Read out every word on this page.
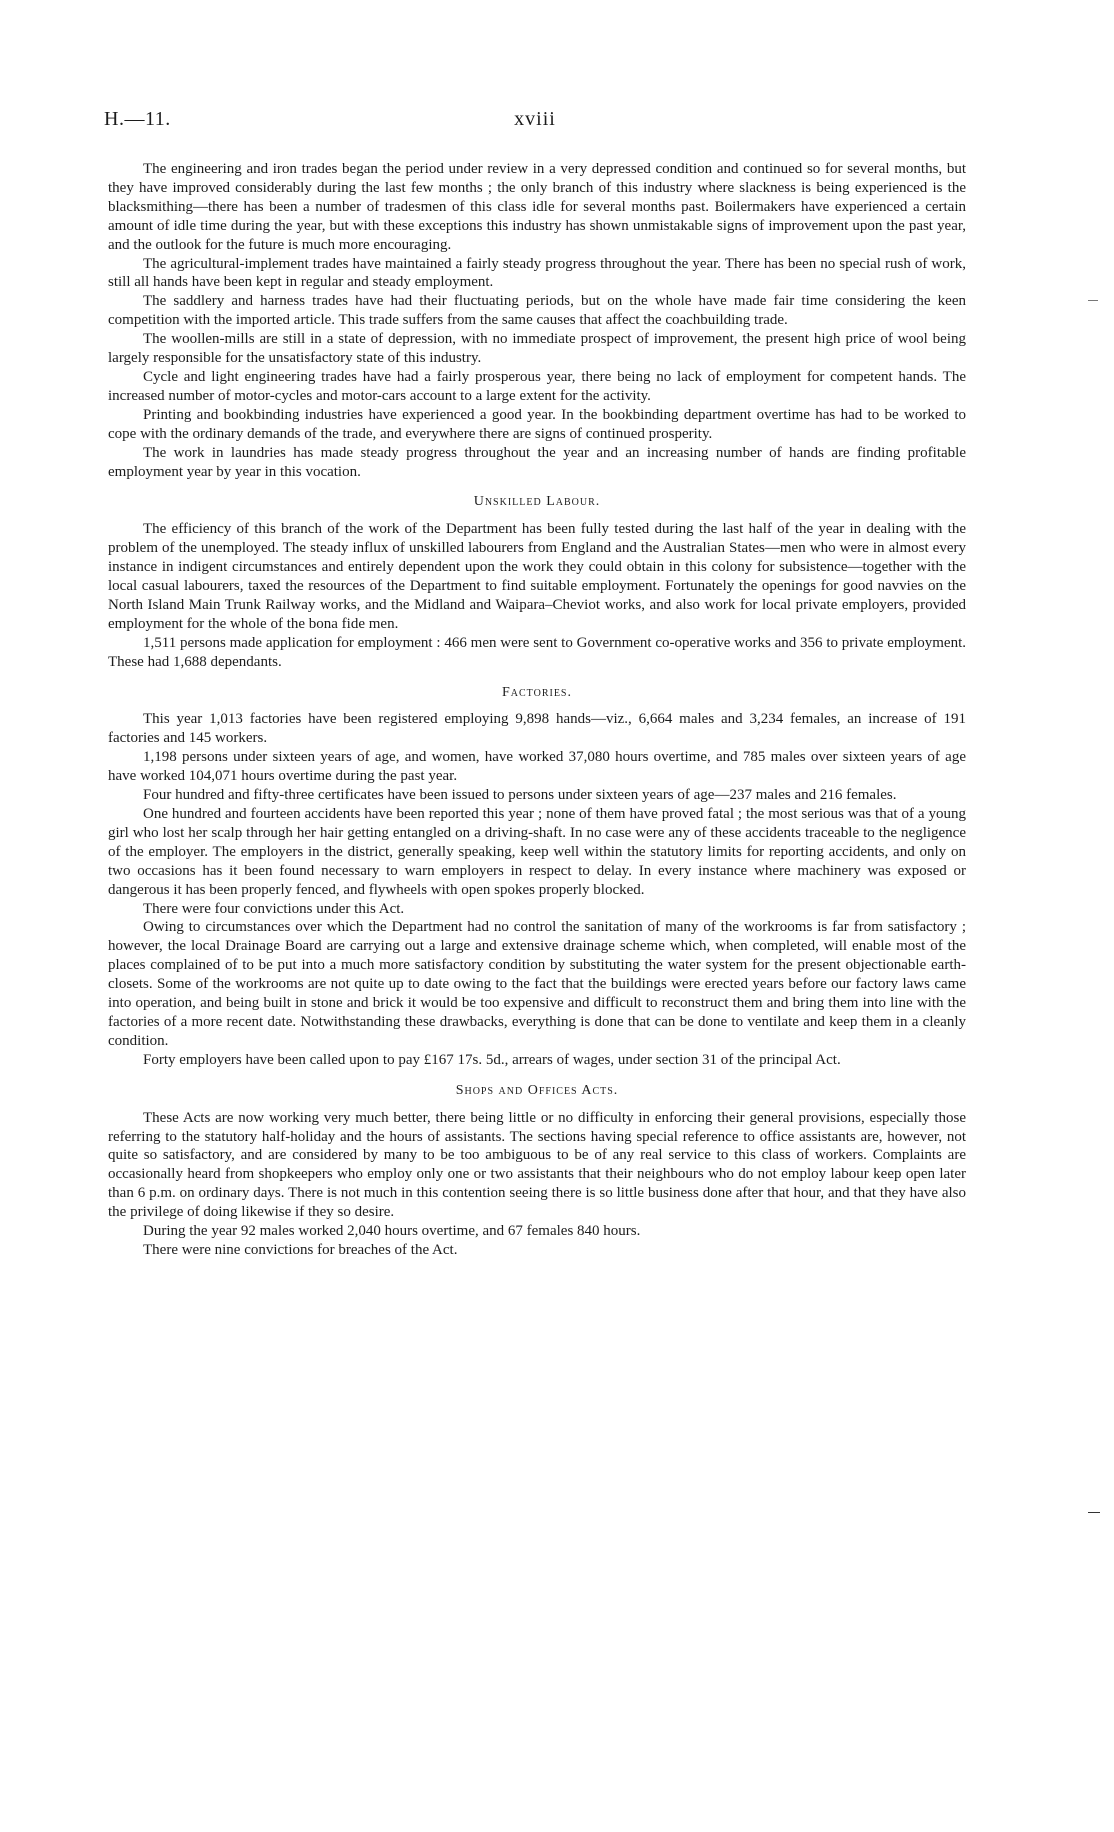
H.—11.	xviii

The engineering and iron trades began the period under review in a very depressed condition and continued so for several months, but they have improved considerably during the last few months ; the only branch of this industry where slackness is being experienced is the blacksmithing—there has been a number of tradesmen of this class idle for several months past. Boilermakers have experienced a certain amount of idle time during the year, but with these exceptions this industry has shown unmistakable signs of improvement upon the past year, and the outlook for the future is much more encouraging.

The agricultural-implement trades have maintained a fairly steady progress throughout the year. There has been no special rush of work, still all hands have been kept in regular and steady employment.

The saddlery and harness trades have had their fluctuating periods, but on the whole have made fair time considering the keen competition with the imported article. This trade suffers from the same causes that affect the coachbuilding trade.

The woollen-mills are still in a state of depression, with no immediate prospect of improvement, the present high price of wool being largely responsible for the unsatisfactory state of this industry.

Cycle and light engineering trades have had a fairly prosperous year, there being no lack of employment for competent hands. The increased number of motor-cycles and motor-cars account to a large extent for the activity.

Printing and bookbinding industries have experienced a good year. In the bookbinding department overtime has had to be worked to cope with the ordinary demands of the trade, and everywhere there are signs of continued prosperity.

The work in laundries has made steady progress throughout the year and an increasing number of hands are finding profitable employment year by year in this vocation.

Unskilled Labour.

The efficiency of this branch of the work of the Department has been fully tested during the last half of the year in dealing with the problem of the unemployed. The steady influx of unskilled labourers from England and the Australian States—men who were in almost every instance in indigent circumstances and entirely dependent upon the work they could obtain in this colony for subsistence—together with the local casual labourers, taxed the resources of the Department to find suitable employment. Fortunately the openings for good navvies on the North Island Main Trunk Railway works, and the Midland and Waipara–Cheviot works, and also work for local private employers, provided employment for the whole of the bona fide men.

1,511 persons made application for employment : 466 men were sent to Government co-operative works and 356 to private employment. These had 1,688 dependants.

Factories.

This year 1,013 factories have been registered employing 9,898 hands—viz., 6,664 males and 3,234 females, an increase of 191 factories and 145 workers.

1,198 persons under sixteen years of age, and women, have worked 37,080 hours overtime, and 785 males over sixteen years of age have worked 104,071 hours overtime during the past year.

Four hundred and fifty-three certificates have been issued to persons under sixteen years of age—237 males and 216 females.

One hundred and fourteen accidents have been reported this year ; none of them have proved fatal ; the most serious was that of a young girl who lost her scalp through her hair getting entangled on a driving-shaft. In no case were any of these accidents traceable to the negligence of the employer. The employers in the district, generally speaking, keep well within the statutory limits for reporting accidents, and only on two occasions has it been found necessary to warn employers in respect to delay. In every instance where machinery was exposed or dangerous it has been properly fenced, and flywheels with open spokes properly blocked.

There were four convictions under this Act.

Owing to circumstances over which the Department had no control the sanitation of many of the workrooms is far from satisfactory ; however, the local Drainage Board are carrying out a large and extensive drainage scheme which, when completed, will enable most of the places complained of to be put into a much more satisfactory condition by substituting the water system for the present objectionable earth-closets. Some of the workrooms are not quite up to date owing to the fact that the buildings were erected years before our factory laws came into operation, and being built in stone and brick it would be too expensive and difficult to reconstruct them and bring them into line with the factories of a more recent date. Notwithstanding these drawbacks, everything is done that can be done to ventilate and keep them in a cleanly condition.

Forty employers have been called upon to pay £167 17s. 5d., arrears of wages, under section 31 of the principal Act.

Shops and Offices Acts.

These Acts are now working very much better, there being little or no difficulty in enforcing their general provisions, especially those referring to the statutory half-holiday and the hours of assistants. The sections having special reference to office assistants are, however, not quite so satisfactory, and are considered by many to be too ambiguous to be of any real service to this class of workers. Complaints are occasionally heard from shopkeepers who employ only one or two assistants that their neighbours who do not employ labour keep open later than 6 p.m. on ordinary days. There is not much in this contention seeing there is so little business done after that hour, and that they have also the privilege of doing likewise if they so desire.

During the year 92 males worked 2,040 hours overtime, and 67 females 840 hours.

There were nine convictions for breaches of the Act.
